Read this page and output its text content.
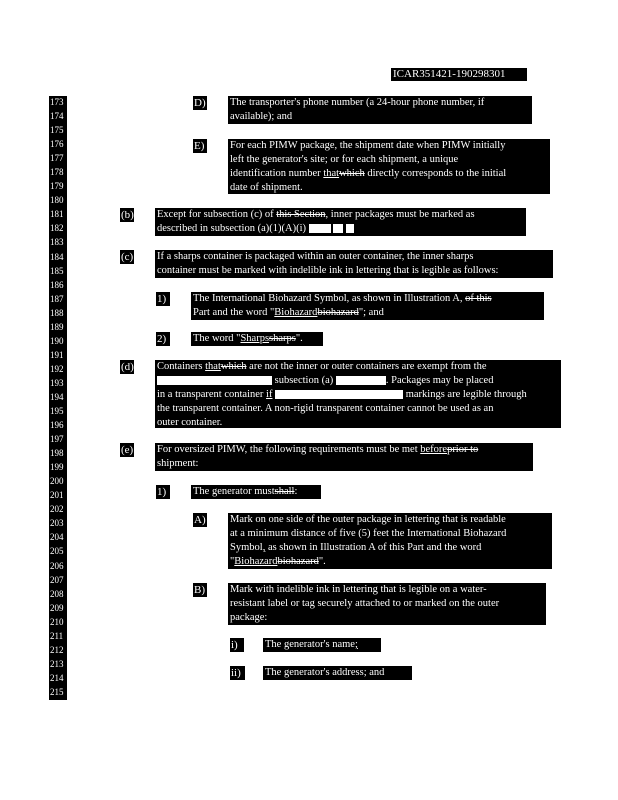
ICAR351421-190298301
173
174
175
176
177
178
179
180
181
182
183
184
185
186
187
188
189
190
191
192
193
194
195
196
197
198
199
200
201
202
203
204
205
206
207
208
209
210
211
212
213
214
215
D) The transporter's phone number (a 24-hour phone number, if
available); and
E) For each PIMW package, the shipment date when PIMW initially
left the generator's site; or for each shipment, a unique
identification number thatwhich directly corresponds to the initial
date of shipment.
(b) Except for subsection (c) of this Section, inner packages must be marked as
described in subsection (a)(1)(A)(i)
(c) If a sharps container is packaged within an outer container, the inner sharps
container must be marked with indelible ink in lettering that is legible as follows:
1)	The International Biohazard Symbol, as shown in Illustration A, of this
Part and the word "Biohazardbiohazard"; and
2)	The word "Sharpssharps".
(d) Containers thatwhich are not the inner or outer containers are exempt from the
subsection (a)	. Packages may be placed
in a transparent container if	markings are legible through
the transparent container. A non-rigid transparent container cannot be used as an
outer container.
(e) For oversized PIMW, the following requirements must be met beforeprior to
shipment:
1)	The generator mustshall:
A) Mark on one side of the outer package in lettering that is readable
at a minimum distance of five (5) feet the International Biohazard
Symbol, as shown in Illustration A of this Part and the word
"Biohazardbiohazard".
B) Mark with indelible ink in lettering that is legible on a water-
resistant label or tag securely attached to or marked on the outer
package:
i)	The generator's name;
ii)	The generator's address; and
